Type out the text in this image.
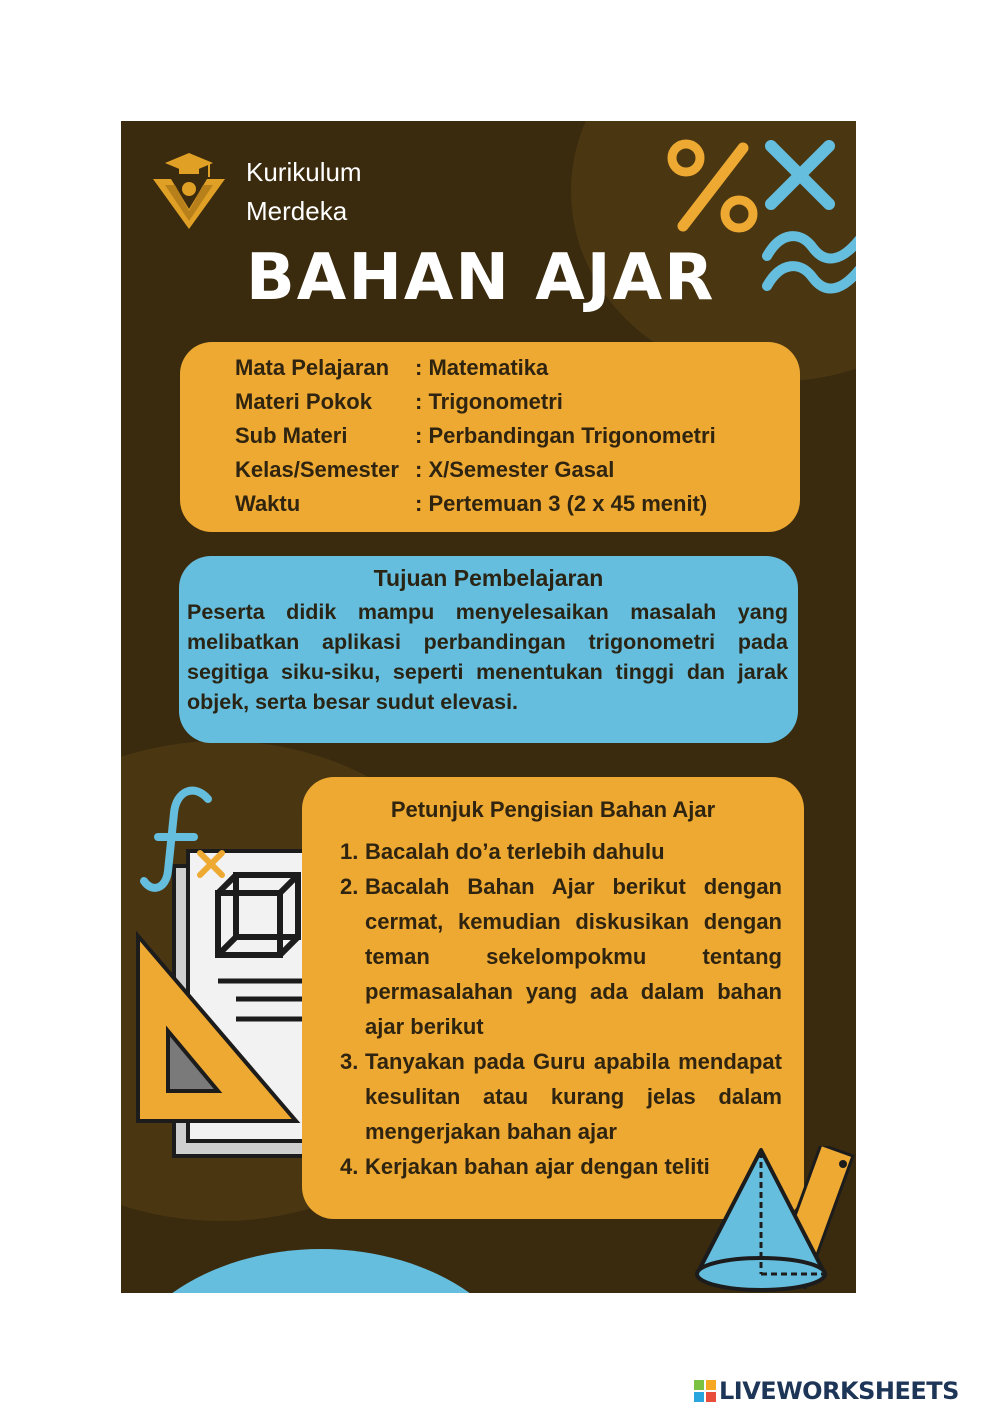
Kurikulum
Merdeka
BAHAN AJAR
Mata Pelajaran : Matematika
Materi Pokok : Trigonometri
Sub Materi	: Perbandingan Trigonometri
Kelas/Semester : X/Semester Gasal
Waktu	: Pertemuan 3 (2 x 45 menit)
Tujuan Pembelajaran
Peserta didik mampu menyelesaikan masalah yang melibatkan aplikasi perbandingan trigonometri pada segitiga siku-siku, seperti menentukan tinggi dan jarak objek, serta besar sudut elevasi.
Petunjuk Pengisian Bahan Ajar
1. Bacalah do’a terlebih dahulu
2. Bacalah Bahan Ajar berikut dengan cermat, kemudian diskusikan dengan teman sekelompokmu tentang permasalahan yang ada dalam bahan ajar berikut
3. Tanyakan pada Guru apabila mendapat kesulitan atau kurang jelas dalam mengerjakan bahan ajar
4. Kerjakan bahan ajar dengan teliti
LIVEWORKSHEETS
